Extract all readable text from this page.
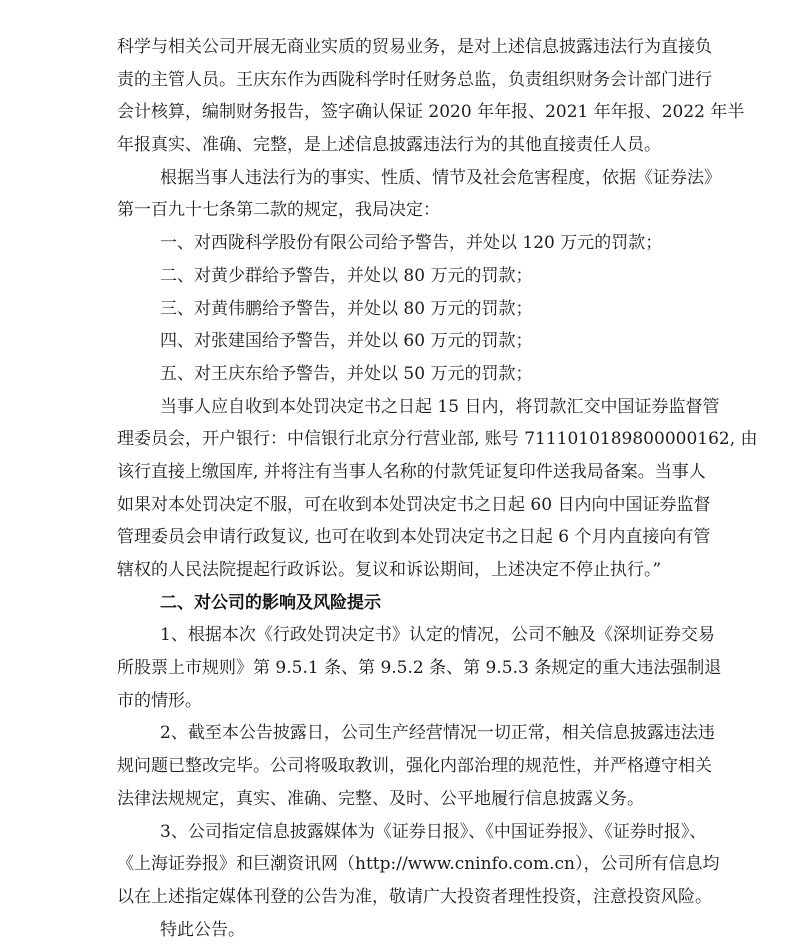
科学与相关公司开展无商业实质的贸易业务，是对上述信息披露违法行为直接负
责的主管人员。王庆东作为西陇科学时任财务总监，负责组织财务会计部门进行
会计核算，编制财务报告，签字确认保证 2020 年年报、2021 年年报、2022 年半
年报真实、准确、完整，是上述信息披露违法行为的其他直接责任人员。
根据当事人违法行为的事实、性质、情节及社会危害程度，依据《证券法》
第一百九十七条第二款的规定，我局决定：
一、对西陇科学股份有限公司给予警告，并处以 120 万元的罚款；
二、对黄少群给予警告，并处以 80 万元的罚款；
三、对黄伟鹏给予警告，并处以 80 万元的罚款；
四、对张建国给予警告，并处以 60 万元的罚款；
五、对王庆东给予警告，并处以 50 万元的罚款；
当事人应自收到本处罚决定书之日起 15 日内，将罚款汇交中国证券监督管
理委员会，开户银行：中信银行北京分行营业部, 账号 7111010189800000162, 由
该行直接上缴国库, 并将注有当事人名称的付款凭证复印件送我局备案。当事人
如果对本处罚决定不服，可在收到本处罚决定书之日起 60 日内向中国证券监督
管理委员会申请行政复议, 也可在收到本处罚决定书之日起 6 个月内直接向有管
辖权的人民法院提起行政诉讼。复议和诉讼期间，上述决定不停止执行。”
二、对公司的影响及风险提示
1、根据本次《行政处罚决定书》认定的情况，公司不触及《深圳证券交易
所股票上市规则》第 9.5.1 条、第 9.5.2 条、第 9.5.3 条规定的重大违法强制退
市的情形。
2、截至本公告披露日，公司生产经营情况一切正常，相关信息披露违法违
规问题已整改完毕。公司将吸取教训，强化内部治理的规范性，并严格遵守相关
法律法规规定，真实、准确、完整、及时、公平地履行信息披露义务。
3、公司指定信息披露媒体为《证券日报》、《中国证券报》、《证券时报》、
《上海证券报》和巨潮资讯网（http://www.cninfo.com.cn），公司所有信息均
以在上述指定媒体刊登的公告为准，敬请广大投资者理性投资，注意投资风险。
特此公告。
